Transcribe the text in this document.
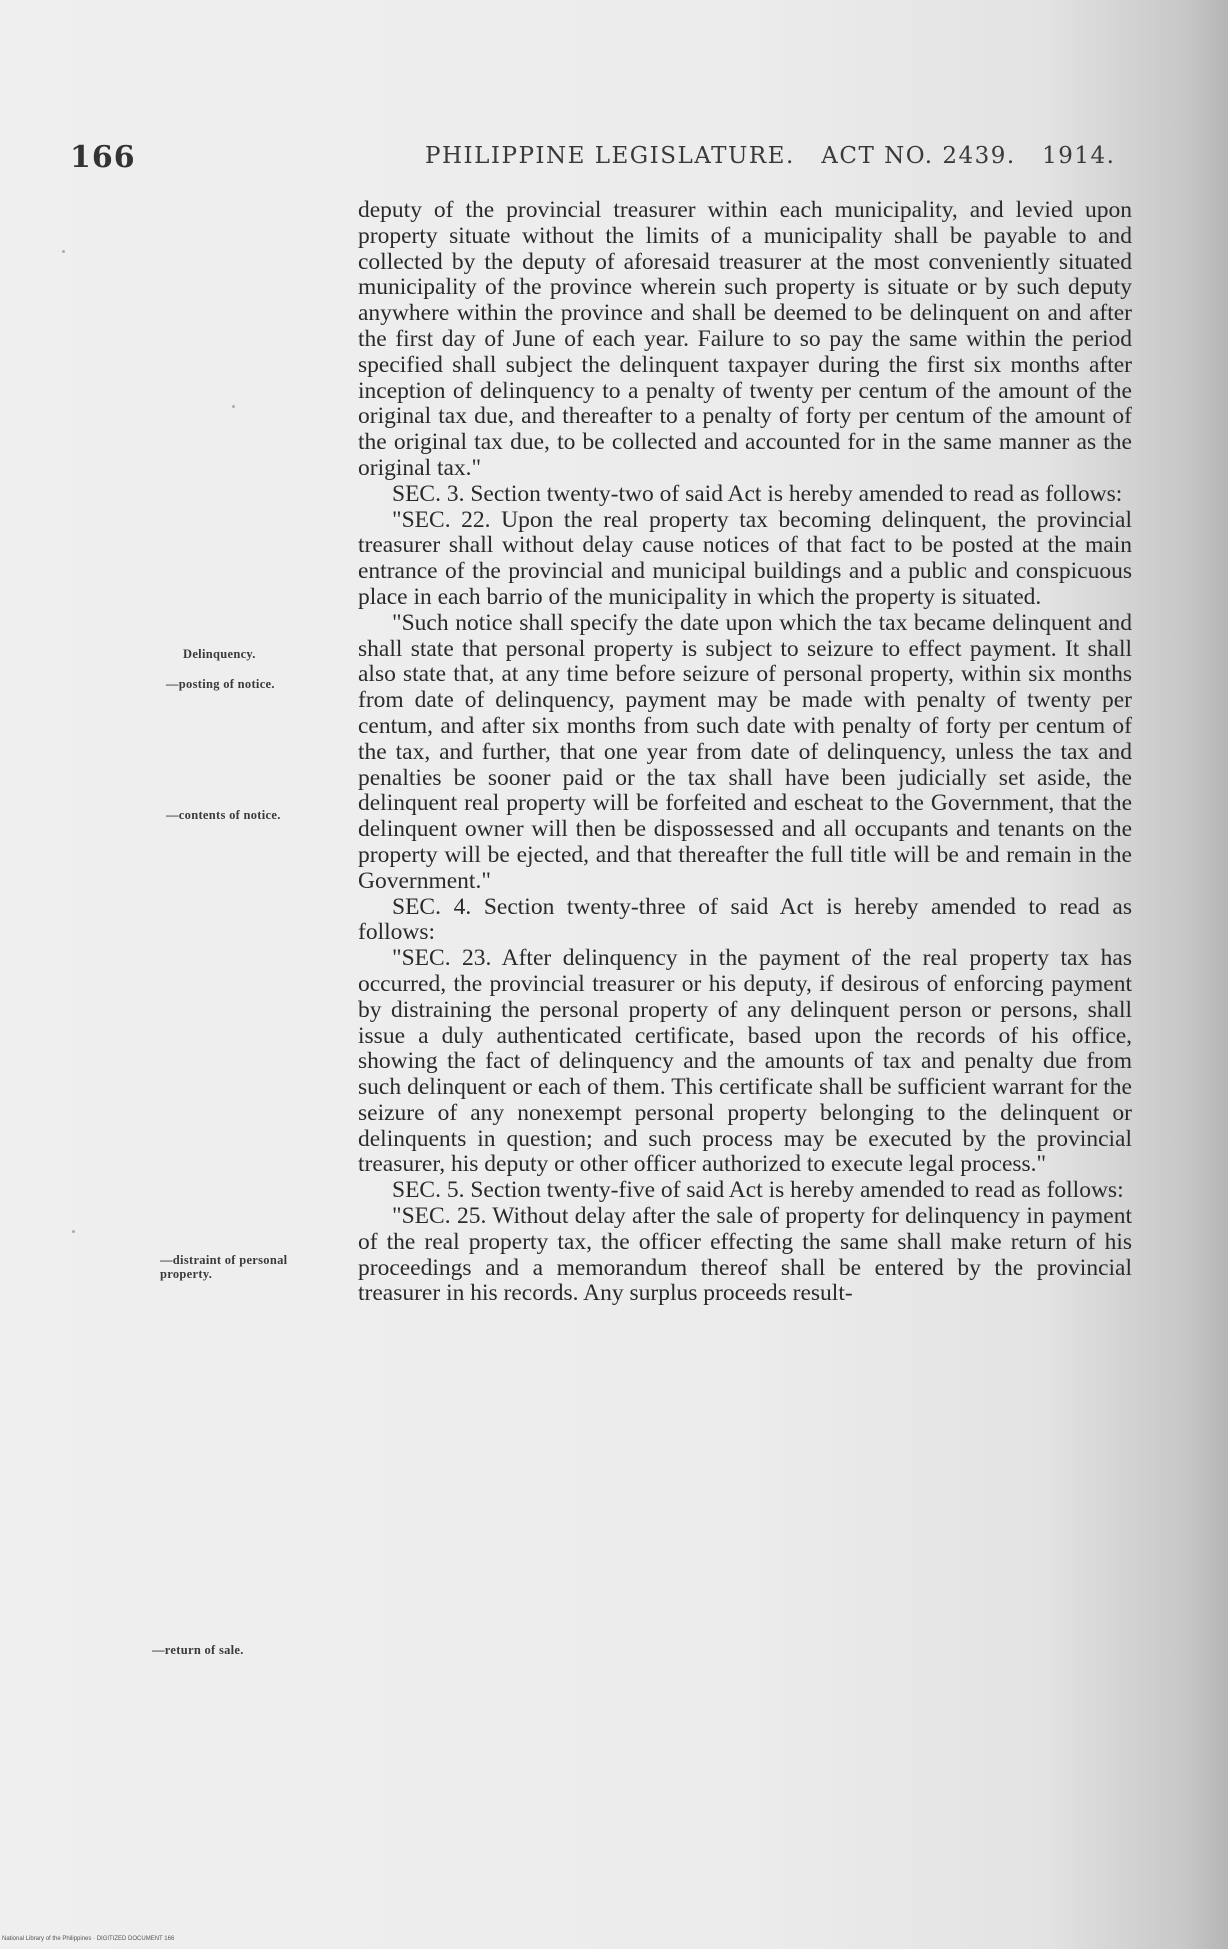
166	PHILIPPINE LEGISLATURE. ACT NO. 2439. 1914.
Delinquency.
—posting of notice.
—contents of notice.
—distraint of personal
property.
—return of sale.

deputy of the provincial treasurer within each municipality, and levied upon property situate without the limits of a municipality shall be payable to and collected by the deputy of aforesaid treasurer at the most conveniently situated municipality of the province wherein such property is situate or by such deputy anywhere within the province and shall be deemed to be delinquent on and after the first day of June of each year. Failure to so pay the same within the period specified shall subject the delinquent taxpayer during the first six months after inception of delinquency to a penalty of twenty per centum of the amount of the original tax due, and thereafter to a penalty of forty per centum of the amount of the original tax due, to be collected and accounted for in the same manner as the original tax."

SEC. 3. Section twenty-two of said Act is hereby amended to read as follows:

"SEC. 22. Upon the real property tax becoming delinquent, the provincial treasurer shall without delay cause notices of that fact to be posted at the main entrance of the provincial and municipal buildings and a public and conspicuous place in each barrio of the municipality in which the property is situated.

"Such notice shall specify the date upon which the tax became delinquent and shall state that personal property is subject to seizure to effect payment. It shall also state that, at any time before seizure of personal property, within six months from date of delinquency, payment may be made with penalty of twenty per centum, and after six months from such date with penalty of forty per centum of the tax, and further, that one year from date of delinquency, unless the tax and penalties be sooner paid or the tax shall have been judicially set aside, the delinquent real property will be forfeited and escheat to the Government, that the delinquent owner will then be dispossessed and all occupants and tenants on the property will be ejected, and that thereafter the full title will be and remain in the Government."

SEC. 4. Section twenty-three of said Act is hereby amended to read as follows:

"SEC. 23. After delinquency in the payment of the real property tax has occurred, the provincial treasurer or his deputy, if desirous of enforcing payment by distraining the personal property of any delinquent person or persons, shall issue a duly authenticated certificate, based upon the records of his office, showing the fact of delinquency and the amounts of tax and penalty due from such delinquent or each of them. This certificate shall be sufficient warrant for the seizure of any nonexempt personal property belonging to the delinquent or delinquents in question; and such process may be executed by the provincial treasurer, his deputy or other officer authorized to execute legal process."

SEC. 5. Section twenty-five of said Act is hereby amended to read as follows:

"SEC. 25. Without delay after the sale of property for delinquency in payment of the real property tax, the officer effecting the same shall make return of his proceedings and a memorandum thereof shall be entered by the provincial treasurer in his records. Any surplus proceeds result-

National Library of the Philippines · DIGITIZED DOCUMENT 166
